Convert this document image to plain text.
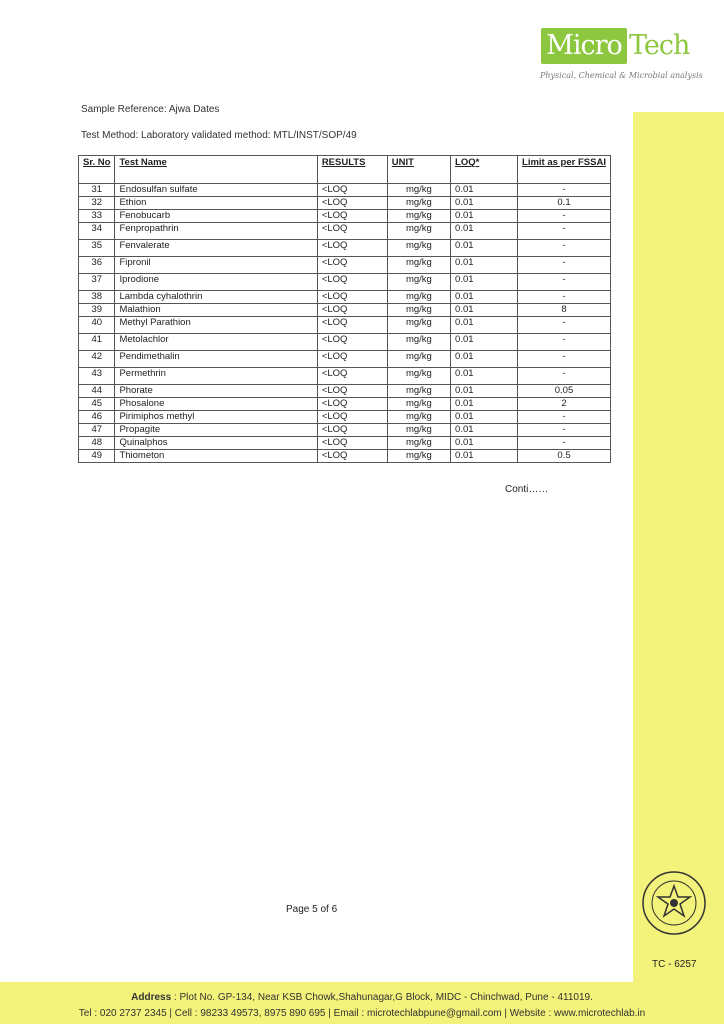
Micro Tech
Physical, Chemical & Microbial analysis
Sample Reference: Ajwa Dates
Test Method: Laboratory validated method: MTL/INST/SOP/49
Sr. No	Test Name	RESULTS	UNIT	LOQ*	Limit as per FSSAI
31	Endosulfan sulfate	<LOQ	mg/kg	0.01	-
32	Ethion	<LOQ	mg/kg	0.01	0.1
33	Fenobucarb	<LOQ	mg/kg	0.01	-
34	Fenpropathrin	<LOQ	mg/kg	0.01	-
35	Fenvalerate	<LOQ	mg/kg	0.01	-
36	Fipronil	<LOQ	mg/kg	0.01	-
37	Iprodione	<LOQ	mg/kg	0.01	-
38	Lambda cyhalothrin	<LOQ	mg/kg	0.01	-
39	Malathion	<LOQ	mg/kg	0.01	8
40	Methyl Parathion	<LOQ	mg/kg	0.01	-
41	Metolachlor	<LOQ	mg/kg	0.01	-
42	Pendimethalin	<LOQ	mg/kg	0.01	-
43	Permethrin	<LOQ	mg/kg	0.01	-
44	Phorate	<LOQ	mg/kg	0.01	0.05
45	Phosalone	<LOQ	mg/kg	0.01	2
46	Pirimiphos methyl	<LOQ	mg/kg	0.01	-
47	Propagite	<LOQ	mg/kg	0.01	-
48	Quinalphos	<LOQ	mg/kg	0.01	-
49	Thiometon	<LOQ	mg/kg	0.01	0.5
Conti……
Page 5 of 6
TC - 6257
Address : Plot No. GP-134, Near KSB Chowk,Shahunagar,G Block, MIDC - Chinchwad, Pune - 411019.
Tel : 020 2737 2345 | Cell : 98233 49573, 8975 890 695 | Email : microtechlabpune@gmail.com | Website : www.microtechlab.in
